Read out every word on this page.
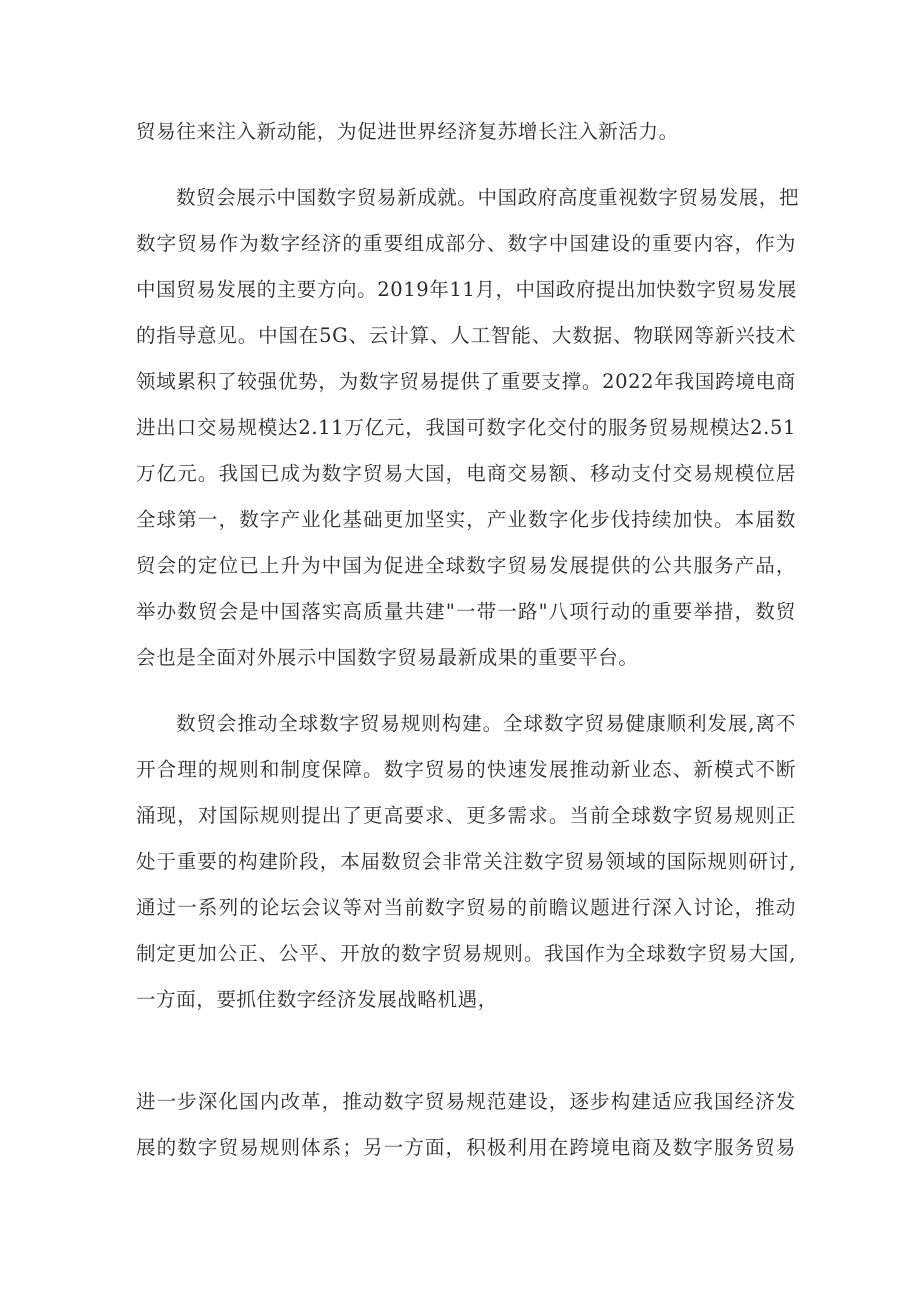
贸易往来注入新动能，为促进世界经济复苏增长注入新活力。
数贸会展示中国数字贸易新成就。中国政府高度重视数字贸易发展，把
数字贸易作为数字经济的重要组成部分、数字中国建设的重要内容，作为
中国贸易发展的主要方向。2019年11月，中国政府提出加快数字贸易发展
的指导意见。中国在5G、云计算、人工智能、大数据、物联网等新兴技术
领域累积了较强优势，为数字贸易提供了重要支撑。2022年我国跨境电商
进出口交易规模达2.11万亿元，我国可数字化交付的服务贸易规模达2.51
万亿元。我国已成为数字贸易大国，电商交易额、移动支付交易规模位居
全球第一，数字产业化基础更加坚实，产业数字化步伐持续加快。本届数
贸会的定位已上升为中国为促进全球数字贸易发展提供的公共服务产品，
举办数贸会是中国落实高质量共建"一带一路"八项行动的重要举措，数贸
会也是全面对外展示中国数字贸易最新成果的重要平台。
数贸会推动全球数字贸易规则构建。全球数字贸易健康顺利发展,离不
开合理的规则和制度保障。数字贸易的快速发展推动新业态、新模式不断
涌现，对国际规则提出了更高要求、更多需求。当前全球数字贸易规则正
处于重要的构建阶段，本届数贸会非常关注数字贸易领域的国际规则研讨,
通过一系列的论坛会议等对当前数字贸易的前瞻议题进行深入讨论，推动
制定更加公正、公平、开放的数字贸易规则。我国作为全球数字贸易大国,
一方面，要抓住数字经济发展战略机遇，
进一步深化国内改革，推动数字贸易规范建设，逐步构建适应我国经济发
展的数字贸易规则体系；另一方面，积极利用在跨境电商及数字服务贸易
